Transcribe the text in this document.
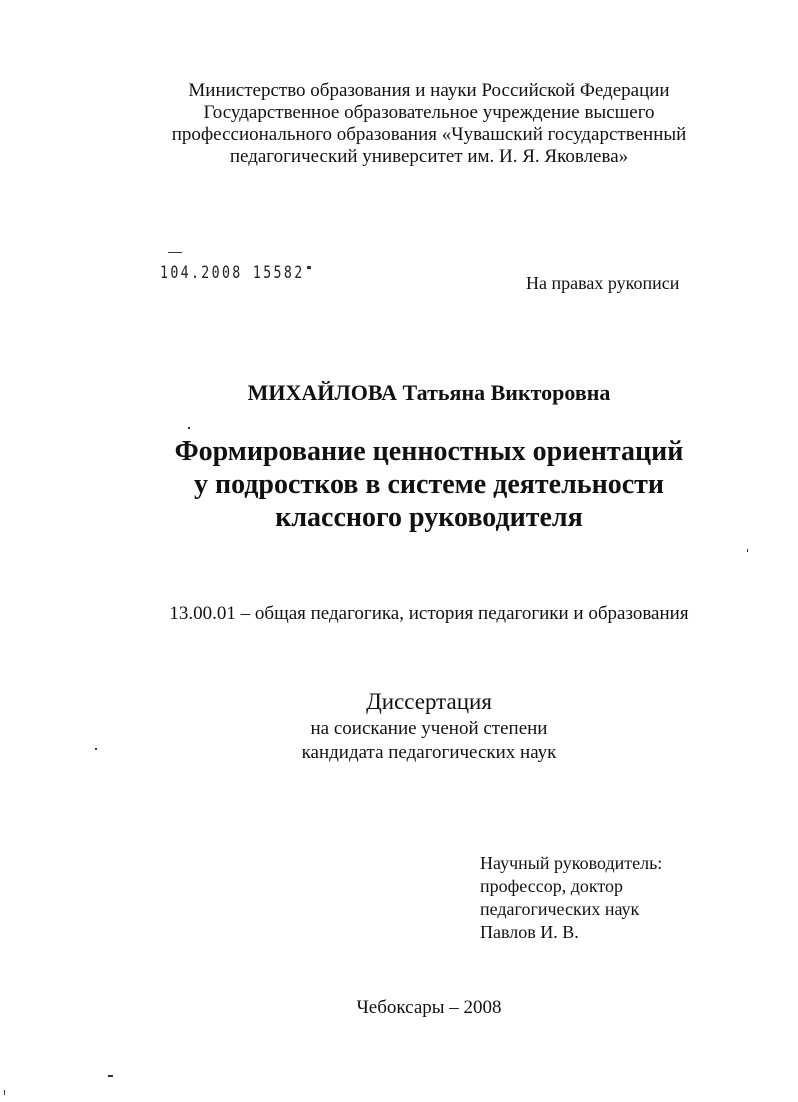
Министерство образования и науки Российской Федерации
Государственное образовательное учреждение высшего
профессионального образования «Чувашский государственный
педагогический университет им. И. Я. Яковлева»
104.2008 15582	На правах рукописи
МИХАЙЛОВА Татьяна Викторовна
Формирование ценностных ориентаций
у подростков в системе деятельности
классного руководителя
13.00.01 – общая педагогика, история педагогики и образования
Диссертация
на соискание ученой степени
кандидата педагогических наук
Научный руководитель:
профессор, доктор
педагогических наук
Павлов И. В.
Чебоксары – 2008
